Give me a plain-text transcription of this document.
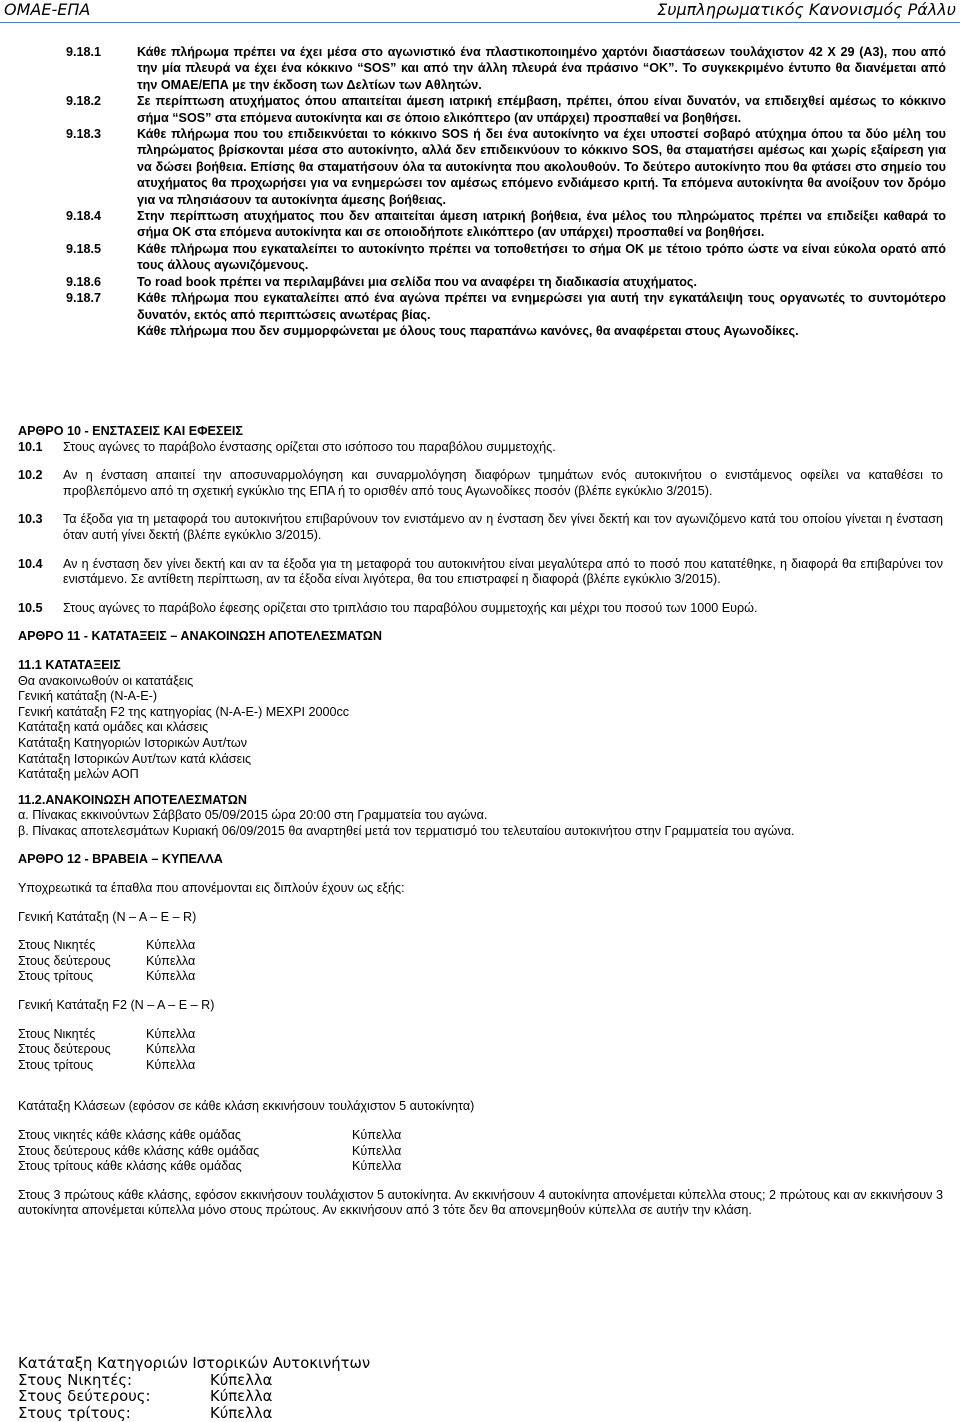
ΟΜΑΕ-ΕΠΑ	Συμπληρωματικός Κανονισμός Ράλλυ
9.18.1	Κάθε πλήρωμα πρέπει να έχει μέσα στο αγωνιστικό ένα πλαστικοποιημένο χαρτόνι διαστάσεων τουλάχιστον 42 Χ 29 (Α3), που από την μία πλευρά να έχει ένα κόκκινο “SOS” και από την άλλη πλευρά ένα πράσινο “ΟΚ”. Το συγκεκριμένο έντυπο θα διανέμεται από την ΟΜΑΕ/ΕΠΑ με την έκδοση των Δελτίων των Αθλητών.
9.18.2	Σε περίπτωση ατυχήματος όπου απαιτείται άμεση ιατρική επέμβαση, πρέπει, όπου είναι δυνατόν, να επιδειχθεί αμέσως το κόκκινο σήμα “SOS” στα επόμενα αυτοκίνητα και σε όποιο ελικόπτερο (αν υπάρχει) προσπαθεί να βοηθήσει.
9.18.3	Κάθε πλήρωμα που του επιδεικνύεται το κόκκινο SOS ή δει ένα αυτοκίνητο να έχει υποστεί σοβαρό ατύχημα όπου τα δύο μέλη του πληρώματος βρίσκονται μέσα στο αυτοκίνητο, αλλά δεν επιδεικνύουν το κόκκινο SOS, θα σταματήσει αμέσως και χωρίς εξαίρεση για να δώσει βοήθεια. Επίσης θα σταματήσουν όλα τα αυτοκίνητα που ακολουθούν. Το δεύτερο αυτοκίνητο που θα φτάσει στο σημείο του ατυχήματος θα προχωρήσει για να ενημερώσει τον αμέσως επόμενο ενδιάμεσο κριτή. Τα επόμενα αυτοκίνητα θα ανοίξουν τον δρόμο για να πλησιάσουν τα αυτοκίνητα άμεσης βοήθειας.
9.18.4	Στην περίπτωση ατυχήματος που δεν απαιτείται άμεση ιατρική βοήθεια, ένα μέλος του πληρώματος πρέπει να επιδείξει καθαρά το σήμα ΟΚ στα επόμενα αυτοκίνητα και σε οποιοδήποτε ελικόπτερο (αν υπάρχει) προσπαθεί να βοηθήσει.
9.18.5	Κάθε πλήρωμα που εγκαταλείπει το αυτοκίνητο πρέπει να τοποθετήσει το σήμα ΟΚ με τέτοιο τρόπο ώστε να είναι εύκολα ορατό από τους άλλους αγωνιζόμενους.
9.18.6	Το road book πρέπει να περιλαμβάνει μια σελίδα που να αναφέρει τη διαδικασία ατυχήματος.
9.18.7	Κάθε πλήρωμα που εγκαταλείπει από ένα αγώνα πρέπει να ενημερώσει για αυτή την εγκατάλειψη τους οργανωτές το συντομότερο δυνατόν, εκτός από περιπτώσεις ανωτέρας βίας.
Κάθε πλήρωμα που δεν συμμορφώνεται με όλους τους παραπάνω κανόνες, θα αναφέρεται στους Αγωνοδίκες.

ΑΡΘΡΟ 10 - ΕΝΣΤΑΣΕΙΣ ΚΑΙ ΕΦΕΣΕΙΣ

10.1	Στους αγώνες το παράβολο ένστασης ορίζεται στο ισόποσο του παραβόλου συμμετοχής.
10.2	Αν η ένσταση απαιτεί την αποσυναρμολόγηση και συναρμολόγηση διαφόρων τμημάτων ενός αυτοκινήτου ο ενιστάμενος οφείλει να καταθέσει το προβλεπόμενο από τη σχετική εγκύκλιο της ΕΠΑ ή το ορισθέν από τους Αγωνοδίκες ποσόν (βλέπε εγκύκλιο 3/2015).
10.3	Τα έξοδα για τη μεταφορά του αυτοκινήτου επιβαρύνουν τον ενιστάμενο αν η ένσταση δεν γίνει δεκτή και τον αγωνιζόμενο κατά του οποίου γίνεται η ένσταση όταν αυτή γίνει δεκτή (βλέπε εγκύκλιο 3/2015).
10.4	Αν η ένσταση δεν γίνει δεκτή και αν τα έξοδα για τη μεταφορά του αυτοκινήτου είναι μεγαλύτερα από το ποσό που κατατέθηκε, η διαφορά θα επιβαρύνει τον ενιστάμενο. Σε αντίθετη περίπτωση, αν τα έξοδα είναι λιγότερα, θα του επιστραφεί η διαφορά (βλέπε εγκύκλιο 3/2015).
10.5	Στους αγώνες το παράβολο έφεσης ορίζεται στο τριπλάσιο του παραβόλου συμμετοχής και μέχρι του ποσού των 1000 Ευρώ.

ΑΡΘΡΟ 11 - ΚΑΤΑΤΑΞΕΙΣ – ΑΝΑΚΟΙΝΩΣΗ ΑΠΟΤΕΛΕΣΜΑΤΩΝ

11.1 ΚΑΤΑΤΑΞΕΙΣ

Θα ανακοινωθούν οι κατατάξεις

Γενική κατάταξη (Ν-Α-Ε-)

Γενική κατάταξη F2 της κατηγορίας (Ν-Α-Ε-) ΜΕΧΡΙ 2000cc

Κατάταξη κατά ομάδες και κλάσεις

Κατάταξη Κατηγοριών Ιστορικών Αυτ/των

Κατάταξη Ιστορικών Αυτ/των κατά κλάσεις

Κατάταξη μελών ΑΟΠ

11.2.ΑΝΑΚΟΙΝΩΣΗ ΑΠΟΤΕΛΕΣΜΑΤΩΝ

α. Πίνακας εκκινούντων Σάββατο 05/09/2015 ώρα 20:00 στη Γραμματεία του αγώνα.

β. Πίνακας αποτελεσμάτων Κυριακή 06/09/2015 θα αναρτηθεί μετά τον τερματισμό του τελευταίου αυτοκινήτου στην Γραμματεία του αγώνα.

ΑΡΘΡΟ 12 - ΒΡΑΒΕΙΑ – ΚΥΠΕΛΛΑ

Υποχρεωτικά τα έπαθλα που απονέμονται εις διπλούν έχουν ως εξής:

Γενική Κατάταξη (Ν – Α – Ε – R)

Στους Νικητές	Κύπελλα
Στους δεύτερους	Κύπελλα
Στους τρίτους	Κύπελλα

Γενική Κατάταξη F2 (Ν – Α – Ε – R)

Στους Νικητές	Κύπελλα
Στους δεύτερους	Κύπελλα
Στους τρίτους	Κύπελλα

Κατάταξη Κλάσεων (εφόσον σε κάθε κλάση εκκινήσουν τουλάχιστον 5 αυτοκίνητα)

Στους νικητές κάθε κλάσης κάθε ομάδας	Κύπελλα
Στους δεύτερους κάθε κλάσης κάθε ομάδας	Κύπελλα
Στους τρίτους κάθε κλάσης κάθε ομάδας	Κύπελλα

Στους 3 πρώτους κάθε κλάσης, εφόσον εκκινήσουν τουλάχιστον 5 αυτοκίνητα. Αν εκκινήσουν 4 αυτοκίνητα απονέμεται κύπελλα στους; 2 πρώτους και αν εκκινήσουν 3 αυτοκίνητα απονέμεται κύπελλα μόνο στους πρώτους. Αν εκκινήσουν από 3 τότε δεν θα απονεμηθούν κύπελλα σε αυτήν την κλάση.

Κατάταξη Κατηγοριών Ιστορικών Αυτοκινήτων

Στους Νικητές:	Κύπελλα
Στους δεύτερους:	Κύπελλα
Στους τρίτους:	Κύπελλα
